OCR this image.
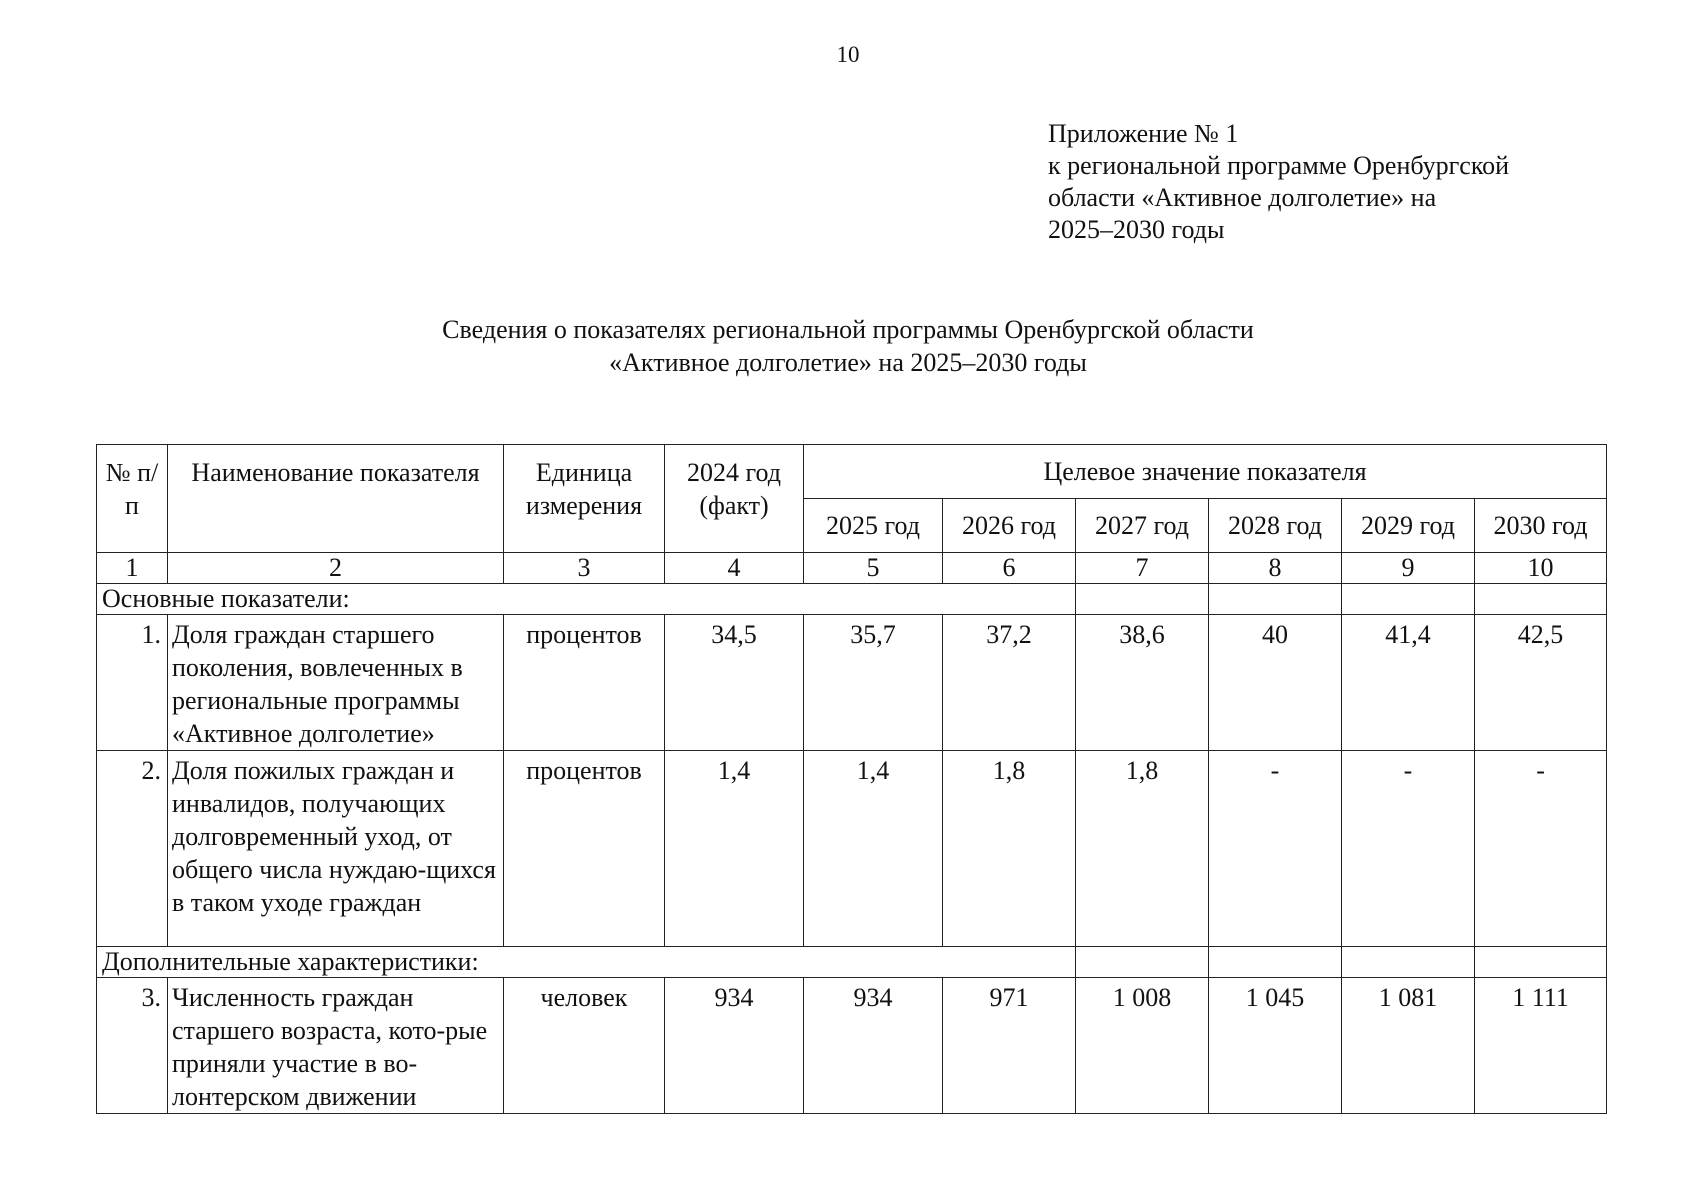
10
Приложение № 1
к региональной программе Оренбургской
области «Активное долголетие» на
2025–2030 годы
Сведения о показателях региональной программы Оренбургской области
«Активное долголетие» на 2025–2030 годы
№ п/п	Наименование показателя	Единица измерения	2024 год (факт)	Целевое значение показателя					
				2025 год	2026 год	2027 год	2028 год	2029 год	2030 год
1	2	3	4	5	6	7	8	9	10
Основные показатели:									
1.	Доля граждан старшего поколения, вовлеченных в региональные программы «Активное долголетие»	процентов	34,5	35,7	37,2	38,6	40	41,4	42,5
2.	Доля пожилых граждан и инвалидов, получающих долговременный уход, от общего числа нуждаю-щихся в таком уходе граждан	процентов	1,4	1,4	1,8	1,8	-	-	-
Дополнительные характеристики:									
3.	Численность граждан старшего возраста, кото-рые приняли участие в во-лонтерском движении	человек	934	934	971	1 008	1 045	1 081	1 111
